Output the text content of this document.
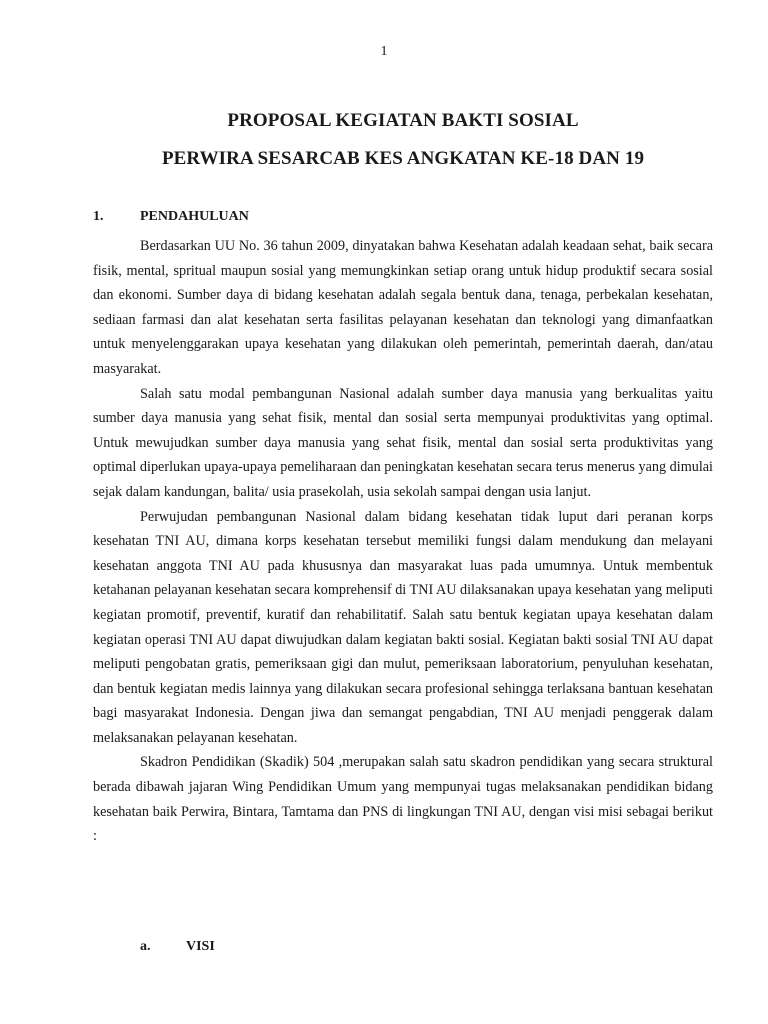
1
PROPOSAL KEGIATAN BAKTI SOSIAL
PERWIRA SESARCAB KES ANGKATAN KE-18 DAN 19
1.	PENDAHULUAN

Berdasarkan UU No. 36 tahun 2009, dinyatakan bahwa Kesehatan adalah keadaan sehat, baik secara fisik, mental, spritual maupun sosial yang memungkinkan setiap orang untuk hidup produktif secara sosial dan ekonomi. Sumber daya di bidang kesehatan adalah segala bentuk dana, tenaga, perbekalan kesehatan, sediaan farmasi dan alat kesehatan serta fasilitas pelayanan kesehatan dan teknologi yang dimanfaatkan untuk menyelenggarakan upaya kesehatan yang dilakukan oleh pemerintah, pemerintah daerah, dan/atau masyarakat.

Salah satu modal pembangunan Nasional adalah sumber daya manusia yang berkualitas yaitu sumber daya manusia yang sehat fisik, mental dan sosial serta mempunyai produktivitas yang optimal. Untuk mewujudkan sumber daya manusia yang sehat fisik, mental dan sosial serta produktivitas yang optimal diperlukan upaya-upaya pemeliharaan dan peningkatan kesehatan secara terus menerus yang dimulai sejak dalam kandungan, balita/ usia prasekolah, usia sekolah sampai dengan usia lanjut.

Perwujudan pembangunan Nasional dalam bidang kesehatan tidak luput dari peranan korps kesehatan TNI AU, dimana korps kesehatan tersebut memiliki fungsi dalam mendukung dan melayani kesehatan anggota TNI AU pada khususnya dan masyarakat luas pada umumnya. Untuk membentuk ketahanan pelayanan kesehatan secara komprehensif di TNI AU dilaksanakan upaya kesehatan yang meliputi kegiatan promotif, preventif, kuratif dan rehabilitatif. Salah satu bentuk kegiatan upaya kesehatan dalam kegiatan operasi TNI AU dapat diwujudkan dalam kegiatan bakti sosial. Kegiatan bakti sosial TNI AU dapat meliputi pengobatan gratis, pemeriksaan gigi dan mulut, pemeriksaan laboratorium, penyuluhan kesehatan, dan bentuk kegiatan medis lainnya yang dilakukan secara profesional sehingga terlaksana bantuan kesehatan bagi masyarakat Indonesia. Dengan jiwa dan semangat pengabdian, TNI AU menjadi penggerak dalam melaksanakan pelayanan kesehatan.

Skadron Pendidikan (Skadik) 504 ,merupakan salah satu skadron pendidikan yang secara struktural berada dibawah jajaran Wing Pendidikan Umum yang mempunyai tugas melaksanakan pendidikan bidang kesehatan baik Perwira, Bintara, Tamtama dan PNS di lingkungan TNI AU, dengan visi misi sebagai berikut :

a.	VISI
